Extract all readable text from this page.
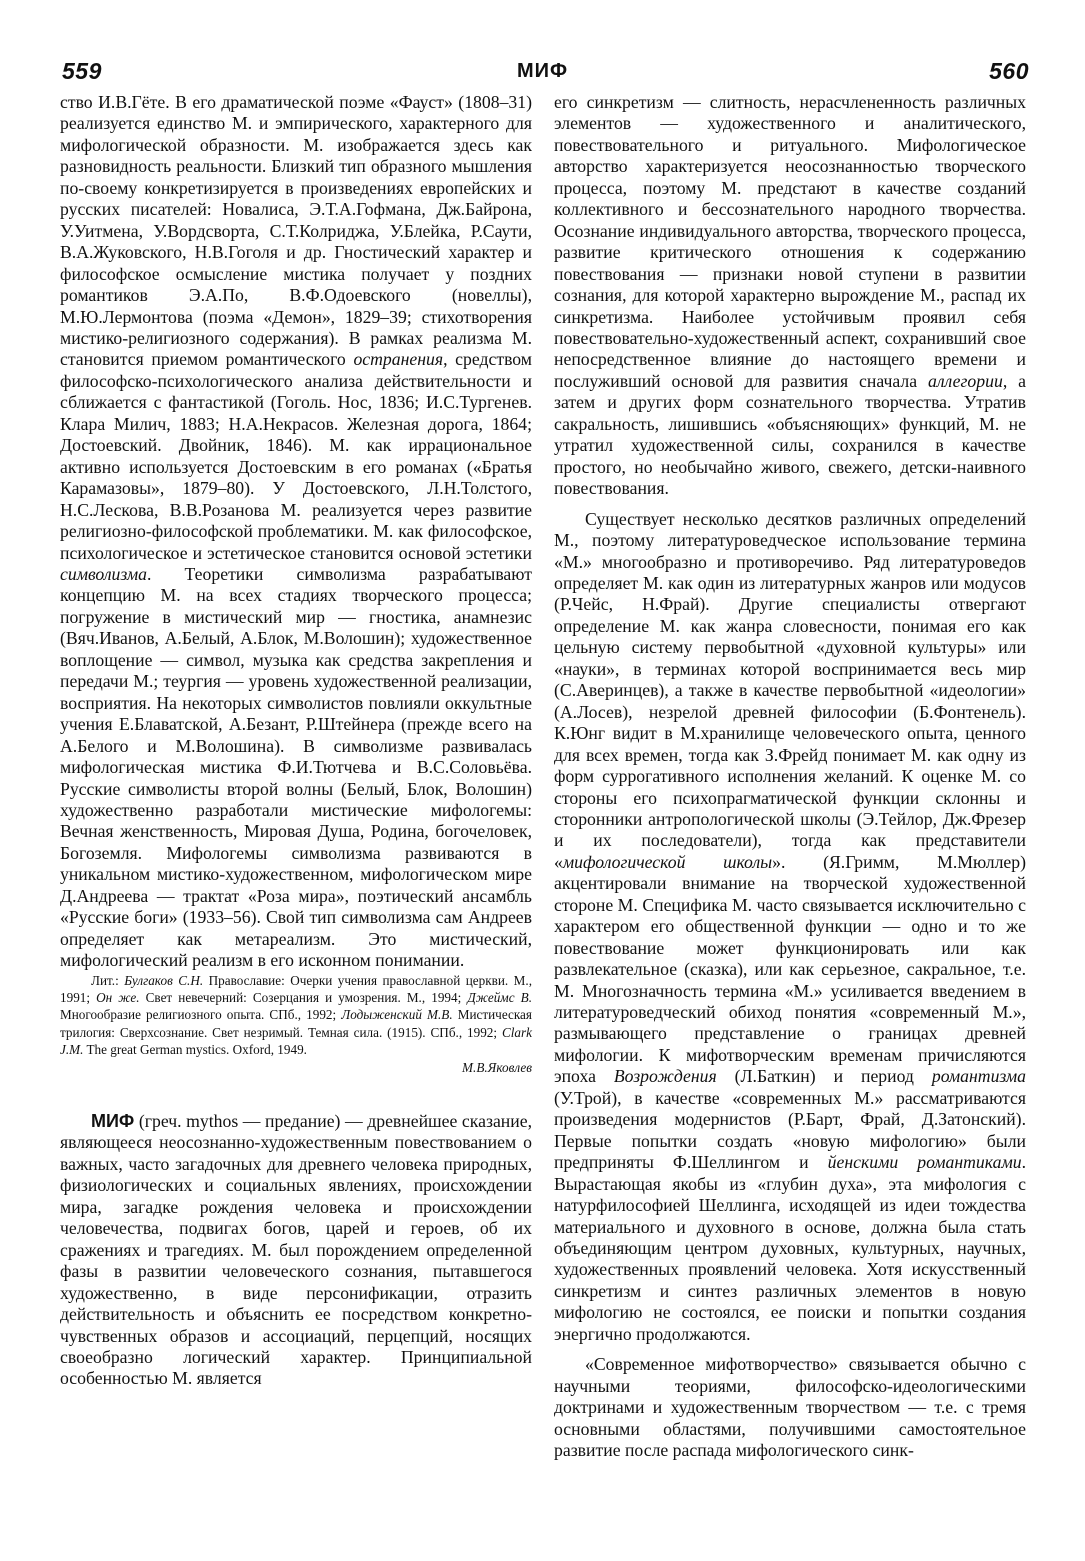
559	МИФ	560

ство И.В.Гёте. В его драматической поэме «Фауст» (1808–31) реализуется единство М. и эмпирического, характерного для мифологической образности. М. изображается здесь как разновидность реальности. Близкий тип образного мышления по-своему конкретизируется в произведениях европейских и русских писателей: Новалиса, Э.Т.А.Гофмана, Дж.Байрона, У.Уитмена, У.Вордсворта, С.Т.Колриджа, У.Блейка, Р.Саути, В.А.Жуковского, Н.В.Гоголя и др. Гностический характер и философское осмысление мистика получает у поздних романтиков Э.А.По, В.Ф.Одоевского (новеллы), М.Ю.Лермонтова (поэма «Демон», 1829–39; стихотворения мистико-религиозного содержания). В рамках реализма М. становится приемом романтического остранения, средством философско-психологического анализа действительности и сближается с фантастикой (Гоголь. Нос, 1836; И.С.Тургенев. Клара Милич, 1883; Н.А.Некрасов. Железная дорога, 1864; Достоевский. Двойник, 1846). М. как иррациональное активно используется Достоевским в его романах («Братья Карамазовы», 1879–80). У Достоевского, Л.Н.Толстого, Н.С.Лескова, В.В.Розанова М. реализуется через развитие религиозно-философской проблематики. М. как философское, психологическое и эстетическое становится основой эстетики символизма. Теоретики символизма разрабатывают концепцию М. на всех стадиях творческого процесса; погружение в мистический мир — гностика, анамнезис (Вяч.Иванов, А.Белый, А.Блок, М.Волошин); художественное воплощение — символ, музыка как средства закрепления и передачи М.; теургия — уровень художественной реализации, восприятия. На некоторых символистов повлияли оккультные учения Е.Блаватской, А.Безант, Р.Штейнера (прежде всего на А.Белого и М.Волошина). В символизме развивалась мифологическая мистика Ф.И.Тютчева и В.С.Соловьёва. Русские символисты второй волны (Белый, Блок, Волошин) художественно разработали мистические мифологемы: Вечная женственность, Мировая Душа, Родина, богочеловек, Богоземля. Мифологемы символизма развиваются в уникальном мистико-художественном, мифологическом мире Д.Андреева — трактат «Роза мира», поэтический ансамбль «Русские боги» (1933–56). Свой тип символизма сам Андреев определяет как метареализм. Это мистический, мифологический реализм в его исконном понимании.

Лит.: Булгаков С.Н. Православие: Очерки учения православной церкви. М., 1991; Он же. Свет невечерний: Созерцания и умозрения. М., 1994; Джеймс В. Многообразие религиозного опыта. СПб., 1992; Лодыженский М.В. Мистическая трилогия: Сверхсознание. Свет незримый. Темная сила. (1915). СПб., 1992; Clark J.M. The great German mystics. Oxford, 1949.

М.В.Яковлев

МИФ (греч. mythos — предание) — древнейшее сказание, являющееся неосознанно-художественным повествованием о важных, часто загадочных для древнего человека природных, физиологических и социальных явлениях, происхождении мира, загадке рождения человека и происхождении человечества, подвигах богов, царей и героев, об их сражениях и трагедиях. М. был порождением определенной фазы в развитии человеческого сознания, пытавшегося художественно, в виде персонификации, отразить действительность и объяснить ее посредством конкретно-чувственных образов и ассоциаций, перцепций, носящих своеобразно логический характер. Принципиальной особенностью М. является

его синкретизм — слитность, нерасчлененность различных элементов — художественного и аналитического, повествовательного и ритуального. Мифологическое авторство характеризуется неосознанностью творческого процесса, поэтому М. предстают в качестве созданий коллективного и бессознательного народного творчества. Осознание индивидуального авторства, творческого процесса, развитие критического отношения к содержанию повествования — признаки новой ступени в развитии сознания, для которой характерно вырождение М., распад их синкретизма. Наиболее устойчивым проявил себя повествовательно-художественный аспект, сохранивший свое непосредственное влияние до настоящего времени и послуживший основой для развития сначала аллегории, а затем и других форм сознательного творчества. Утратив сакральность, лишившись «объясняющих» функций, М. не утратил художественной силы, сохранился в качестве простого, но необычайно живого, свежего, детски-наивного повествования.

Существует несколько десятков различных определений М., поэтому литературоведческое использование термина «М.» многообразно и противоречиво. Ряд литературоведов определяет М. как один из литературных жанров или модусов (Р.Чейс, Н.Фрай). Другие специалисты отвергают определение М. как жанра словесности, понимая его как цельную систему первобытной «духовной культуры» или «науки», в терминах которой воспринимается весь мир (С.Аверинцев), а также в качестве первобытной «идеологии» (А.Лосев), незрелой древней философии (Б.Фонтенель). К.Юнг видит в М.хранилище человеческого опыта, ценного для всех времен, тогда как З.Фрейд понимает М. как одну из форм суррогативного исполнения желаний. К оценке М. со стороны его психопрагматической функции склонны и сторонники антропологической школы (Э.Тейлор, Дж.Фрезер и их последователи), тогда как представители «мифологической школы». (Я.Гримм, М.Мюллер) акцентировали внимание на творческой художественной стороне М. Специфика М. часто связывается исключительно с характером его общественной функции — одно и то же повествование может функционировать или как развлекательное (сказка), или как серьезное, сакральное, т.е. М. Многозначность термина «М.» усиливается введением в литературоведческий обиход понятия «современный М.», размывающего представление о границах древней мифологии. К мифотворческим временам причисляются эпоха Возрождения (Л.Баткин) и период романтизма (У.Трой), в качестве «современных М.» рассматриваются произведения модернистов (Р.Барт, Фрай, Д.Затонский). Первые попытки создать «новую мифологию» были предприняты Ф.Шеллингом и йенскими романтиками. Вырастающая якобы из «глубин духа», эта мифология с натурфилософией Шеллинга, исходящей из идеи тождества материального и духовного в основе, должна была стать объединяющим центром духовных, культурных, научных, художественных проявлений человека. Хотя искусственный синкретизм и синтез различных элементов в новую мифологию не состоялся, ее поиски и попытки создания энергично продолжаются.

«Современное мифотворчество» связывается обычно с научными теориями, философско-идеологическими доктринами и художественным творчеством — т.е. с тремя основными областями, получившими самостоятельное развитие после распада мифологического синк-
